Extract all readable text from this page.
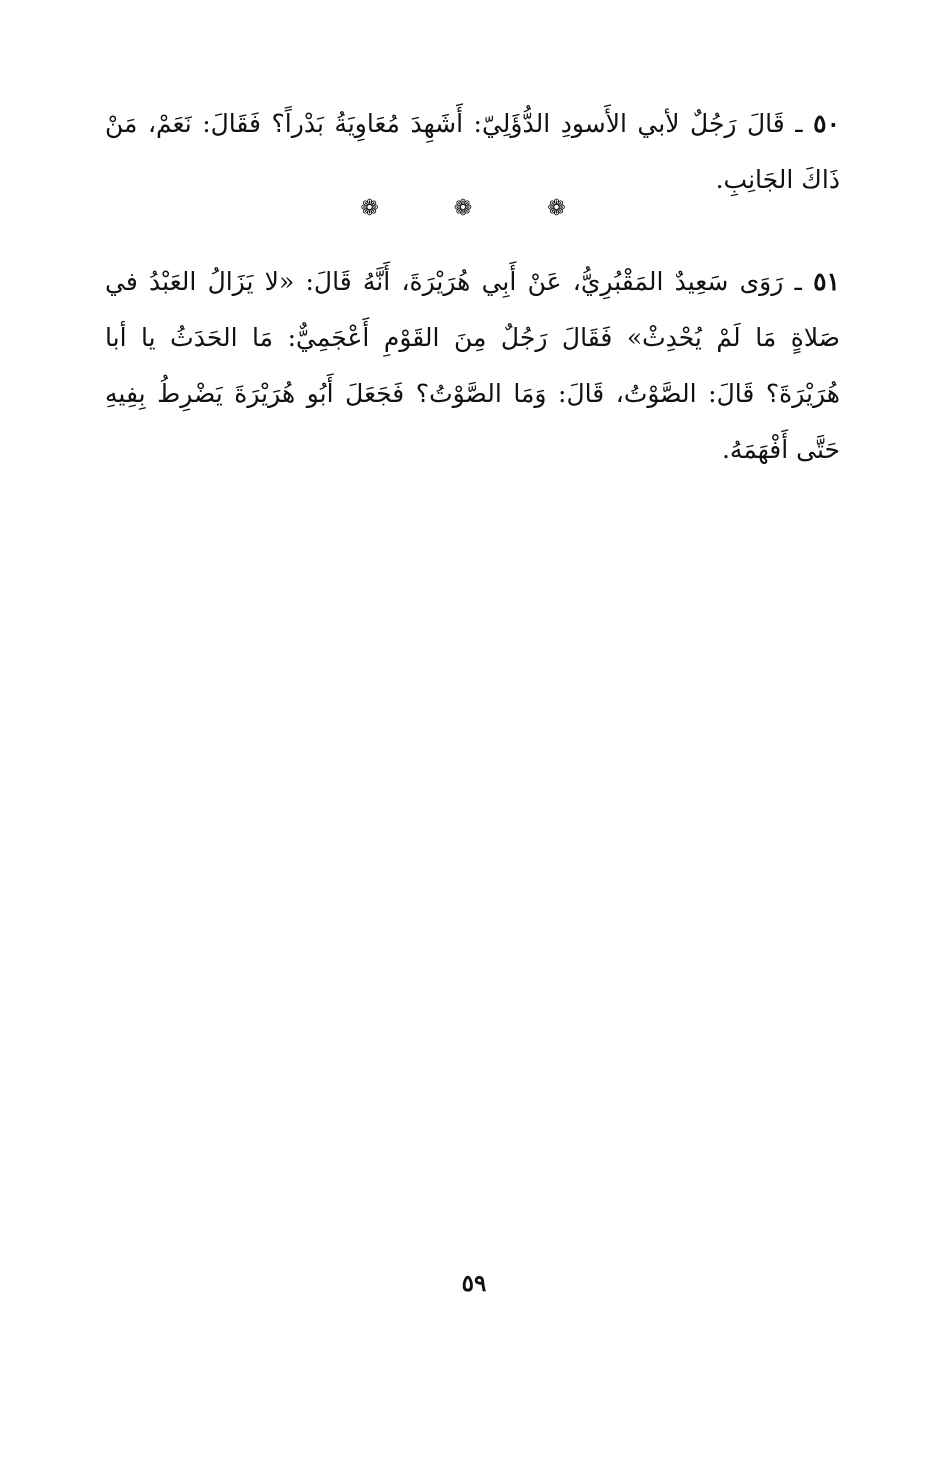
٥٠ ـ قَالَ رَجُلٌ لأبي الأَسودِ الدُّؤَلِيّ: أَشَهِدَ مُعَاوِيَةُ بَدْراً؟ فَقَالَ: نَعَمْ، مَنْ ذَاكَ الجَانِبِ.
❁ ❁ ❁
٥١ ـ رَوَى سَعِيدٌ المَقْبُرِيُّ، عَنْ أَبِي هُرَيْرَةَ، أَنَّهُ قَالَ: «لا يَزَالُ العَبْدُ في صَلاةٍ مَا لَمْ يُحْدِثْ» فَقَالَ رَجُلٌ مِنَ القَوْمِ أَعْجَمِيٌّ: مَا الحَدَثُ يا أبا هُرَيْرَةَ؟ قَالَ: الصَّوْتُ، قَالَ: وَمَا الصَّوْتُ؟ فَجَعَلَ أَبُو هُرَيْرَةَ يَضْرِطُ بِفِيهِ حَتَّى أَفْهَمَهُ.
٥٩
